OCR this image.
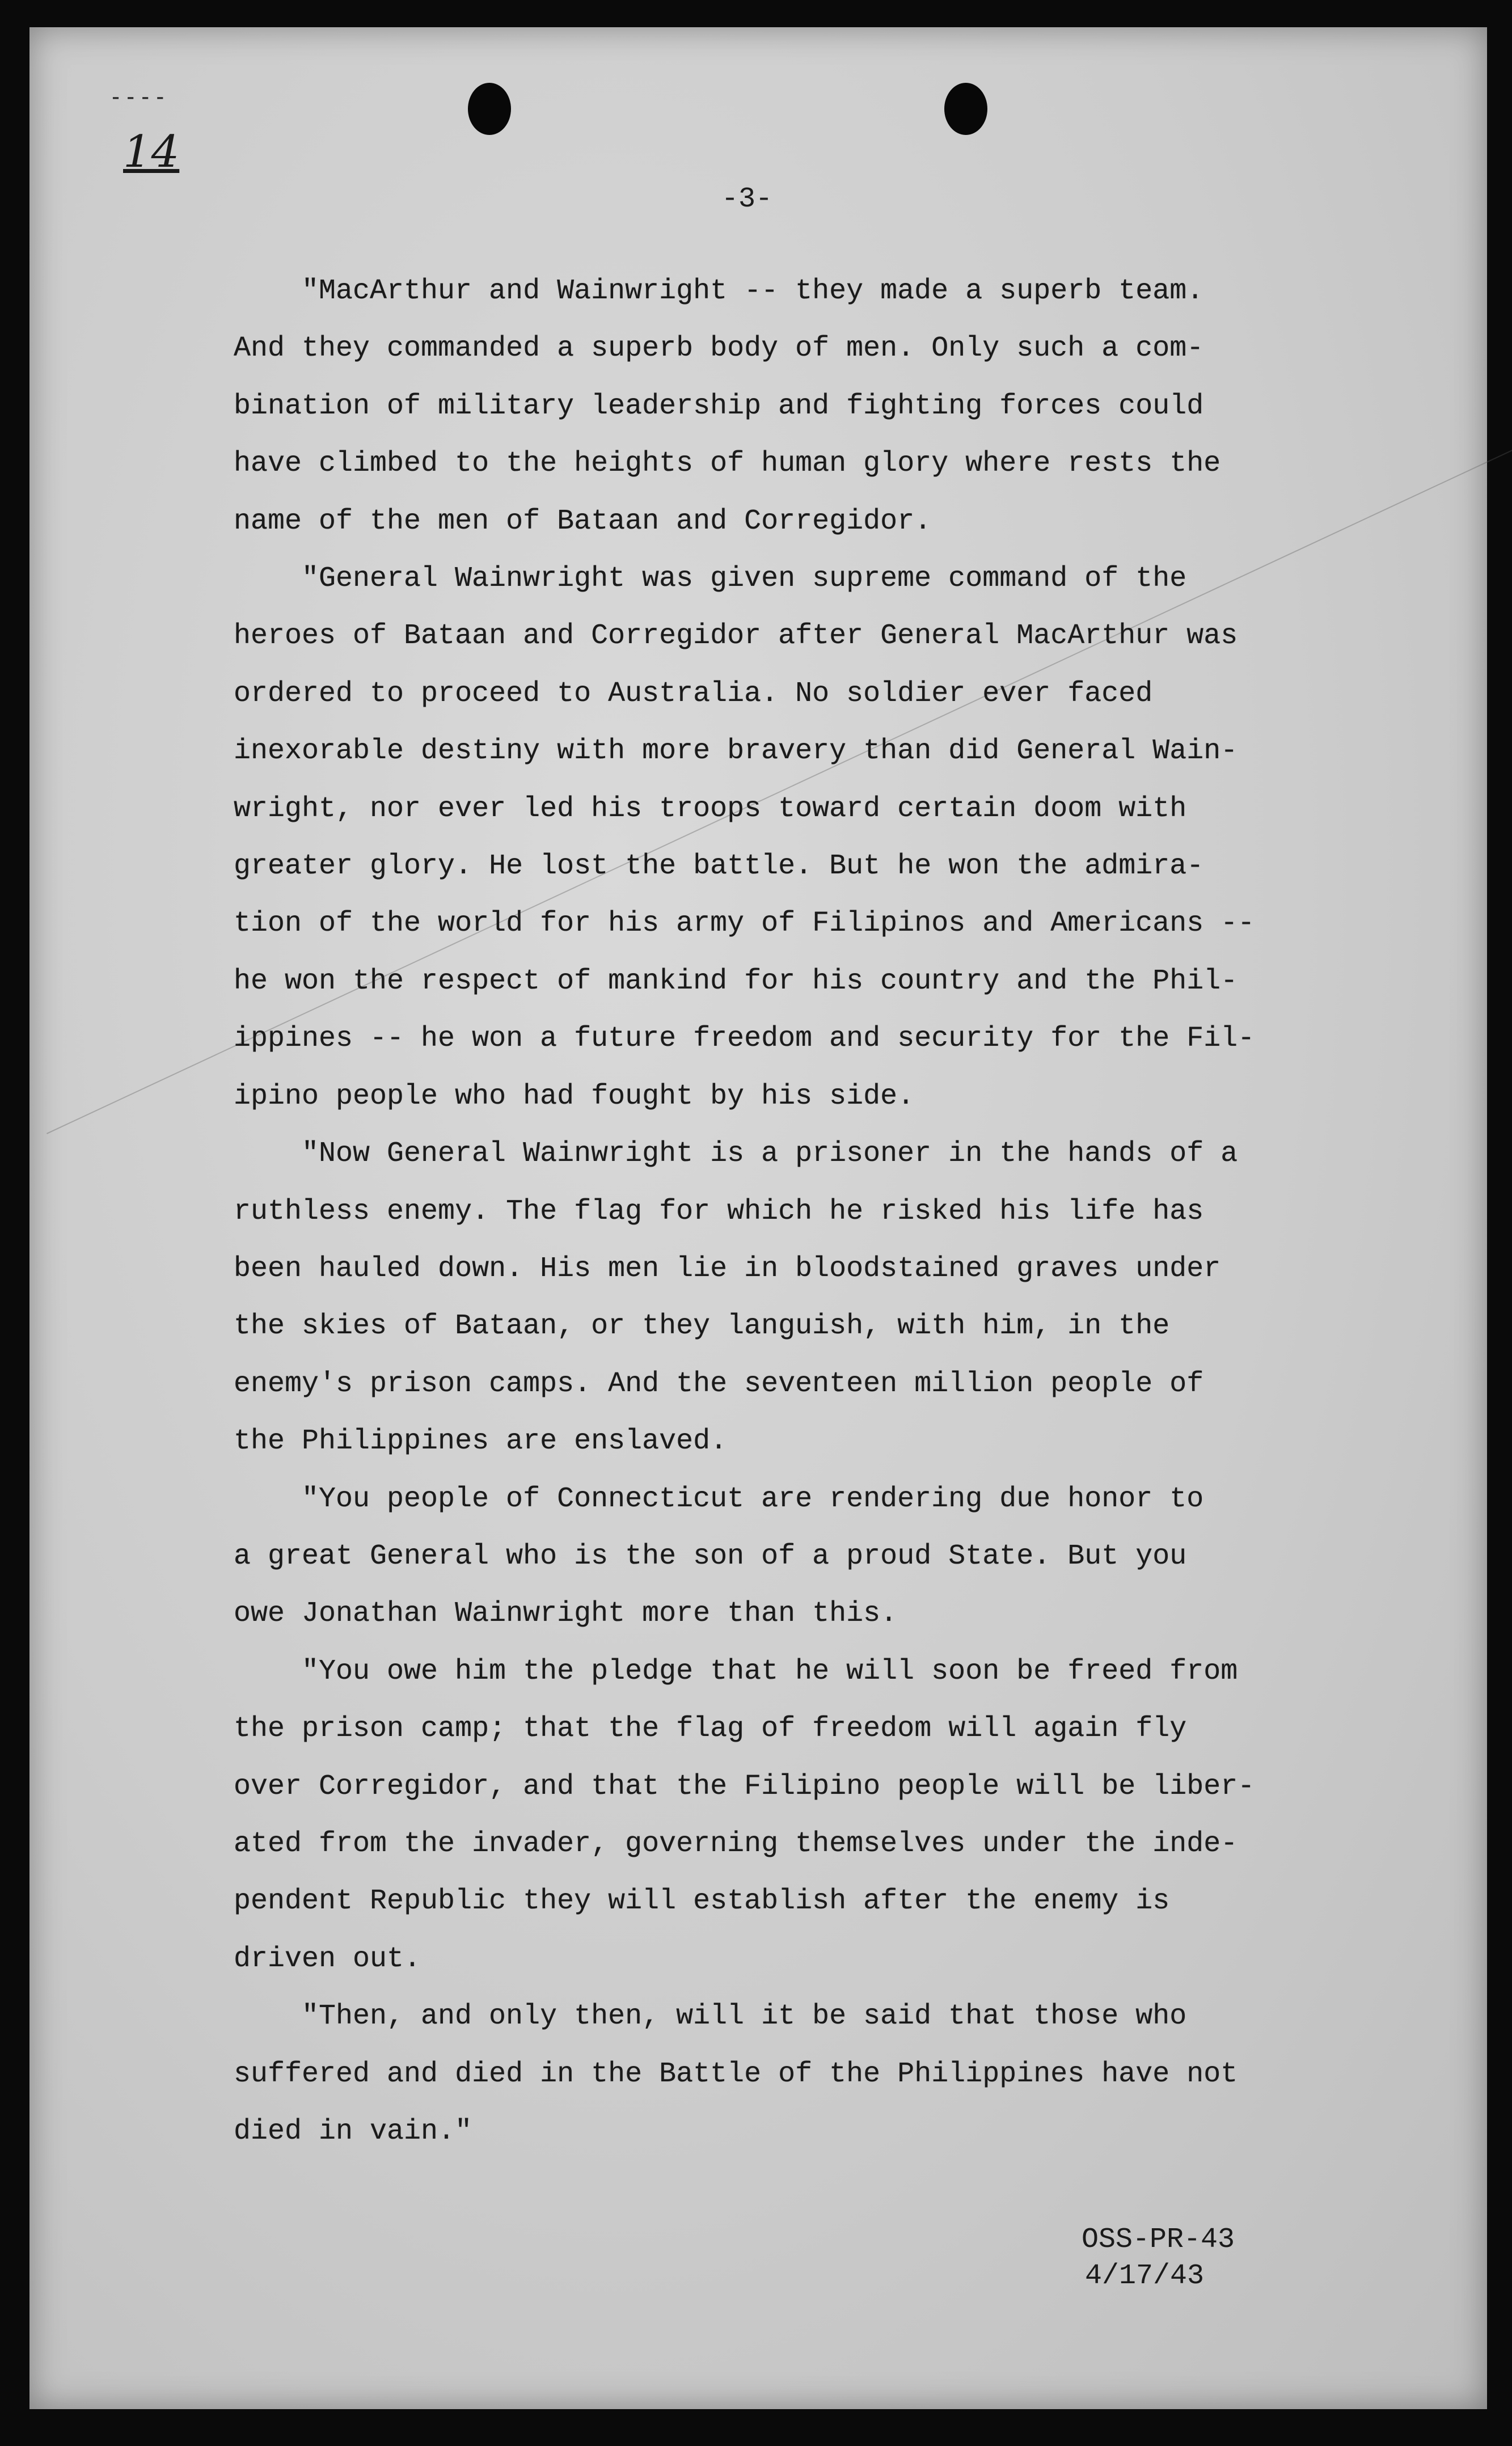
----
14
-3-

"MacArthur and Wainwright -- they made a superb team.
And they commanded a superb body of men. Only such a com-
bination of military leadership and fighting forces could
have climbed to the heights of human glory where rests the
name of the men of Bataan and Corregidor.

"General Wainwright was given supreme command of the
heroes of Bataan and Corregidor after General MacArthur was
ordered to proceed to Australia. No soldier ever faced
inexorable destiny with more bravery than did General Wain-
wright, nor ever led his troops toward certain doom with
greater glory. He lost the battle. But he won the admira-
tion of the world for his army of Filipinos and Americans --
he won the respect of mankind for his country and the Phil-
ippines -- he won a future freedom and security for the Fil-
ipino people who had fought by his side.

"Now General Wainwright is a prisoner in the hands of a
ruthless enemy. The flag for which he risked his life has
been hauled down. His men lie in bloodstained graves under
the skies of Bataan, or they languish, with him, in the
enemy's prison camps. And the seventeen million people of
the Philippines are enslaved.

"You people of Connecticut are rendering due honor to
a great General who is the son of a proud State. But you
owe Jonathan Wainwright more than this.

"You owe him the pledge that he will soon be freed from
the prison camp; that the flag of freedom will again fly
over Corregidor, and that the Filipino people will be liber-
ated from the invader, governing themselves under the inde-
pendent Republic they will establish after the enemy is
driven out.

"Then, and only then, will it be said that those who
suffered and died in the Battle of the Philippines have not
died in vain."

OSS-PR-43
4/17/43
